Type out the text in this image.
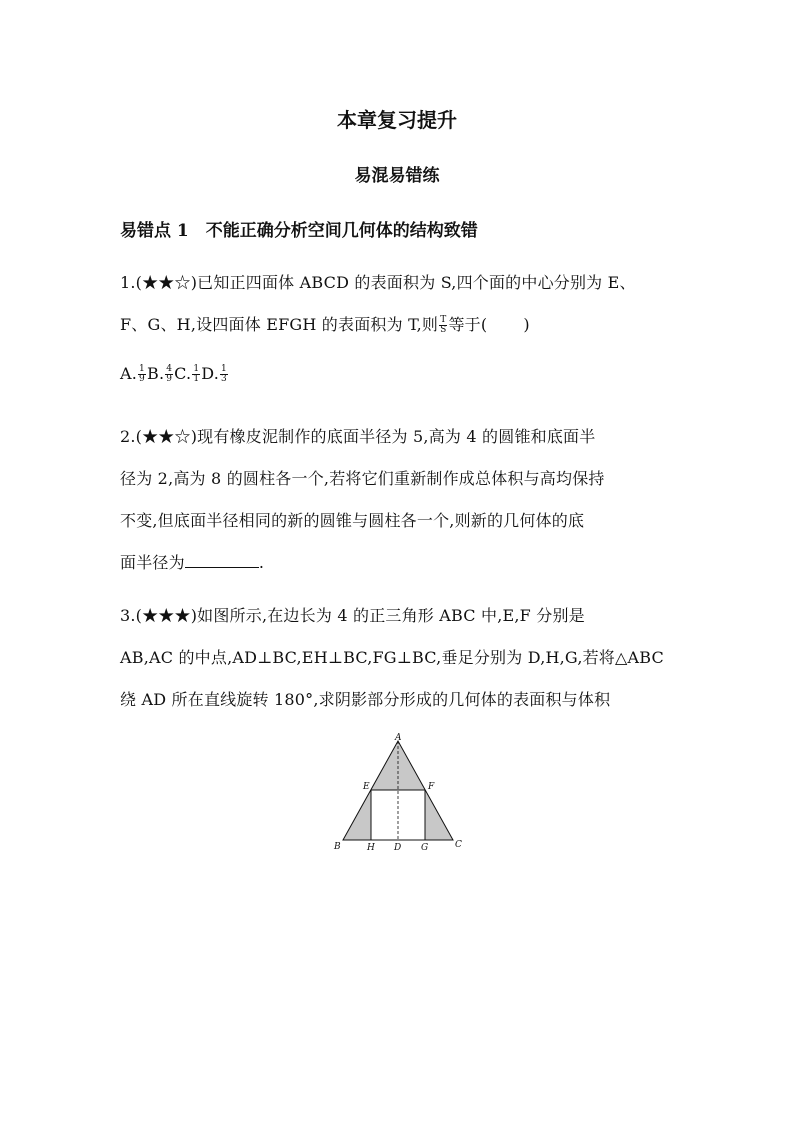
本章复习提升
易混易错练
易错点 1　不能正确分析空间几何体的结构致错
1.(★★☆)已知正四面体 ABCD 的表面积为 S,四个面的中心分别为 E、
F、G、H,设四面体 EFGH 的表面积为 T,则 $\frac{T}{S}$ 等于( )
A. $\frac{1}{9} B$. $\frac{4}{9} C$. $\frac{1}{1} D$. $\frac{1}{3}$
2.(★★☆)现有橡皮泥制作的底面半径为 5,高为 4 的圆锥和底面半
径为 2,高为 8 的圆柱各一个,若将它们重新制作成总体积与高均保持
不变,但底面半径相同的新的圆锥与圆柱各一个,则新的几何体的底
面半径为	.
3.(★★★)如图所示,在边长为 4 的正三角形 ABC 中,E,F 分别是
AB,AC 的中点,AD⊥BC,EH⊥BC,FG⊥BC,垂足分别为 D,H,G,若将△ABC
绕 AD 所在直线旋转 180°,求阴影部分形成的几何体的表面积与体积
A
E	F
B	H D G	C
